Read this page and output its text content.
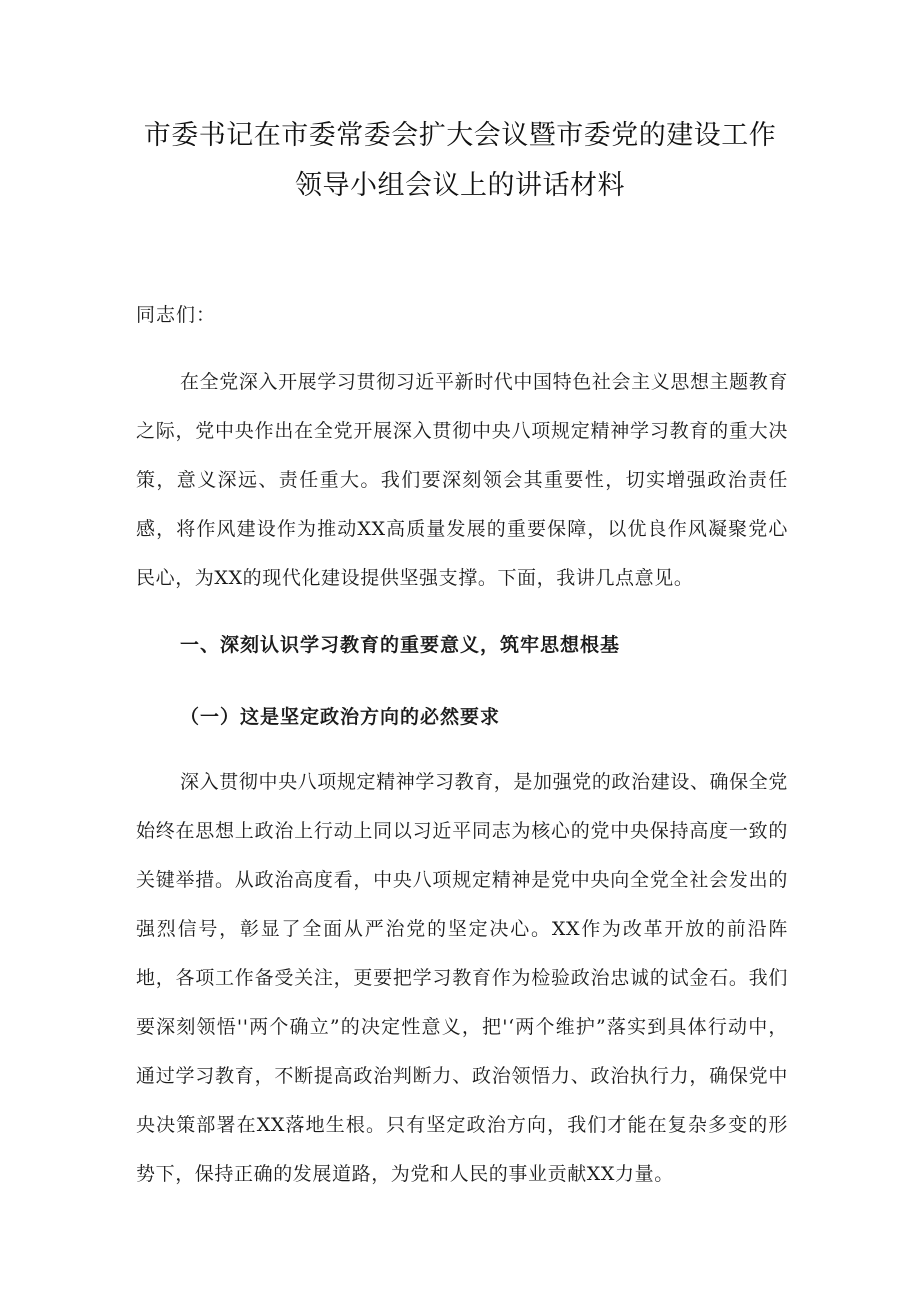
市委书记在市委常委会扩大会议暨市委党的建设工作
领导小组会议上的讲话材料
同志们：

在全党深入开展学习贯彻习近平新时代中国特色社会主义思想主题教育之际，党中央作出在全党开展深入贯彻中央八项规定精神学习教育的重大决策，意义深远、责任重大。我们要深刻领会其重要性，切实增强政治责任感，将作风建设作为推动XX高质量发展的重要保障，以优良作风凝聚党心民心，为XX的现代化建设提供坚强支撑。下面，我讲几点意见。

一、深刻认识学习教育的重要意义，筑牢思想根基
（一）这是坚定政治方向的必然要求

深入贯彻中央八项规定精神学习教育，是加强党的政治建设、确保全党始终在思想上政治上行动上同以习近平同志为核心的党中央保持高度一致的关键举措。从政治高度看，中央八项规定精神是党中央向全党全社会发出的强烈信号，彰显了全面从严治党的坚定决心。XX作为改革开放的前沿阵地，各项工作备受关注，更要把学习教育作为检验政治忠诚的试金石。我们要深刻领悟''两个确立”的决定性意义，把'‘两个维护”落实到具体行动中，通过学习教育，不断提高政治判断力、政治领悟力、政治执行力，确保党中央决策部署在XX落地生根。只有坚定政治方向，我们才能在复杂多变的形势下，保持正确的发展道路，为党和人民的事业贡献XX力量。
